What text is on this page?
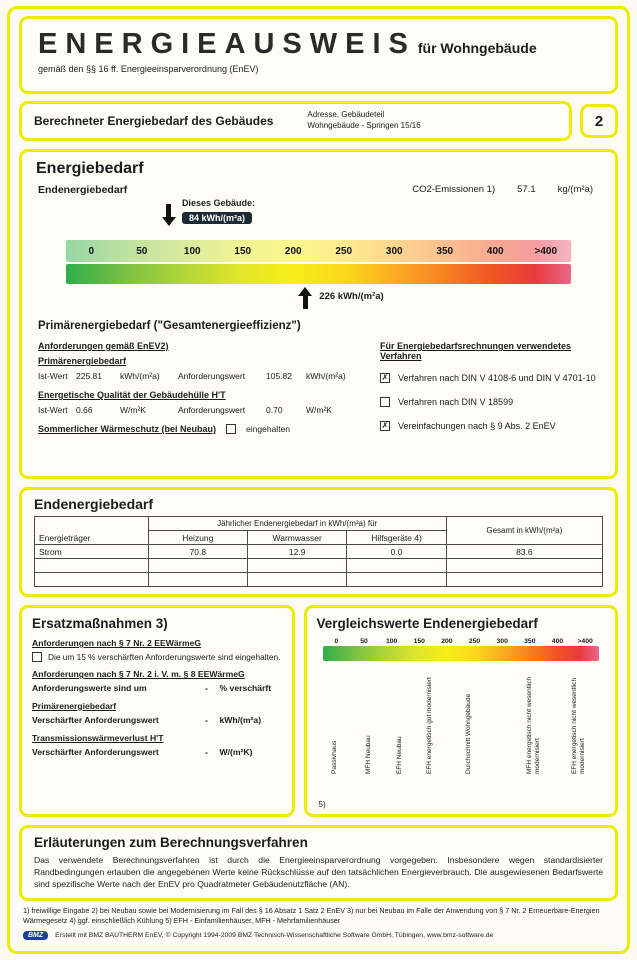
ENERGIEAUSWEIS für Wohngebäude
gemäß den §§ 16 ff. Energieeinsparverordnung (EnEV)
Berechneter Energiebedarf des Gebäudes	Adresse, Gebäudeteil
Wohngebäude - Springen 15/16	2
Energiebedarf
Endenergiebedarf	CO2-Emissionen 1) 57.1 kg/(m²a)
Dieses Gebäude:
84 kWh/(m²a)
0	50	100	150	200	250	300	350	400	>400
226 kWh/(m²a)
Primärenergiebedarf ("Gesamtenergieeffizienz")
Anforderungen gemäß EnEV2)
Primärenergiebedarf
Ist-Wert 225.81	kWh/(m²a)	Anforderungswert	105.82	kWh/(m²a)
Energetische Qualität der Gebäudehülle H'T
Ist-Wert 0.66	W/m²K	Anforderungswert	0.70	W/m²K
Sommerlicher Wärmeschutz (bei Neubau)	eingehalten
Für Energiebedarfsrechnungen verwendetes Verfahren
✗ Verfahren nach DIN V 4108-6 und DIN V 4701-10
Verfahren nach DIN V 18599
✗ Vereinfachungen nach § 9 Abs. 2 EnEV
Endenergiebedarf
Energieträger	Jährlicher Endenergiebedarf in kWh/(m²a) für			Gesamt in kWh/(m²a)
	Heizung	Warmwasser	Hilfsgeräte 4)	
Strom	70.8	12.9	0.0	83.6

Ersatzmaßnahmen 3)
Anforderungen nach § 7 Nr. 2 EEWärmeG
Die um 15 % verschärften Anforderungswerte sind eingehalten.
Anforderungen nach § 7 Nr. 2 i. V. m. § 8 EEWärmeG
Anforderungswerte sind um	-	% verschärft
Primärenergiebedarf
Verschärfter Anforderungswert	-	kWh/(m²a)
Transmissionswärmeverlust H'T
Verschärfter Anforderungswert	-	W/(m²K)
Vergleichswerte Endenergiebedarf
0	50	100	150	200	250	300	350	400	>400
Passivhaus	MFH Neubau	EFH Neubau	EFH energetisch gut modernisiert	Durchschnitt Wohngebäude	MFH energetisch nicht wesentlich modernisiert	EFH energetisch nicht wesentlich modernisiert
5)
Erläuterungen zum Berechnungsverfahren

Das verwendete Berechnungsverfahren ist durch die Energieeinsparverordnung vorgegeben. Insbesondere wegen standardisierter Randbedingungen erlauben die angegebenen Werte keine Rückschlüsse auf den tatsächlichen Energieverbrauch. Die ausgewiesenen Bedarfswerte sind spezifische Werte nach der EnEV pro Quadratmeter Gebäudenutzfläche (AN).

1) freiwillige Eingabe 2) bei Neubau sowie bei Modernisierung im Fall des § 16 Absatz 1 Satz 2 EnEV 3) nur bei Neubau im Falle der Anwendung von § 7 Nr. 2 Erneuerbare-Energien Wärmegesetz 4) ggf. einschließlich Kühlung 5) EFH - Einfamilienhäuser, MFH - Mehrfamilienhäuser
BMZ	Erstellt mit BMZ BAUTHERM EnEV, © Copyright 1994-2009 BMZ Technisch-Wissenschaftliche Software GmbH, Tübingen, www.bmz-software.de
